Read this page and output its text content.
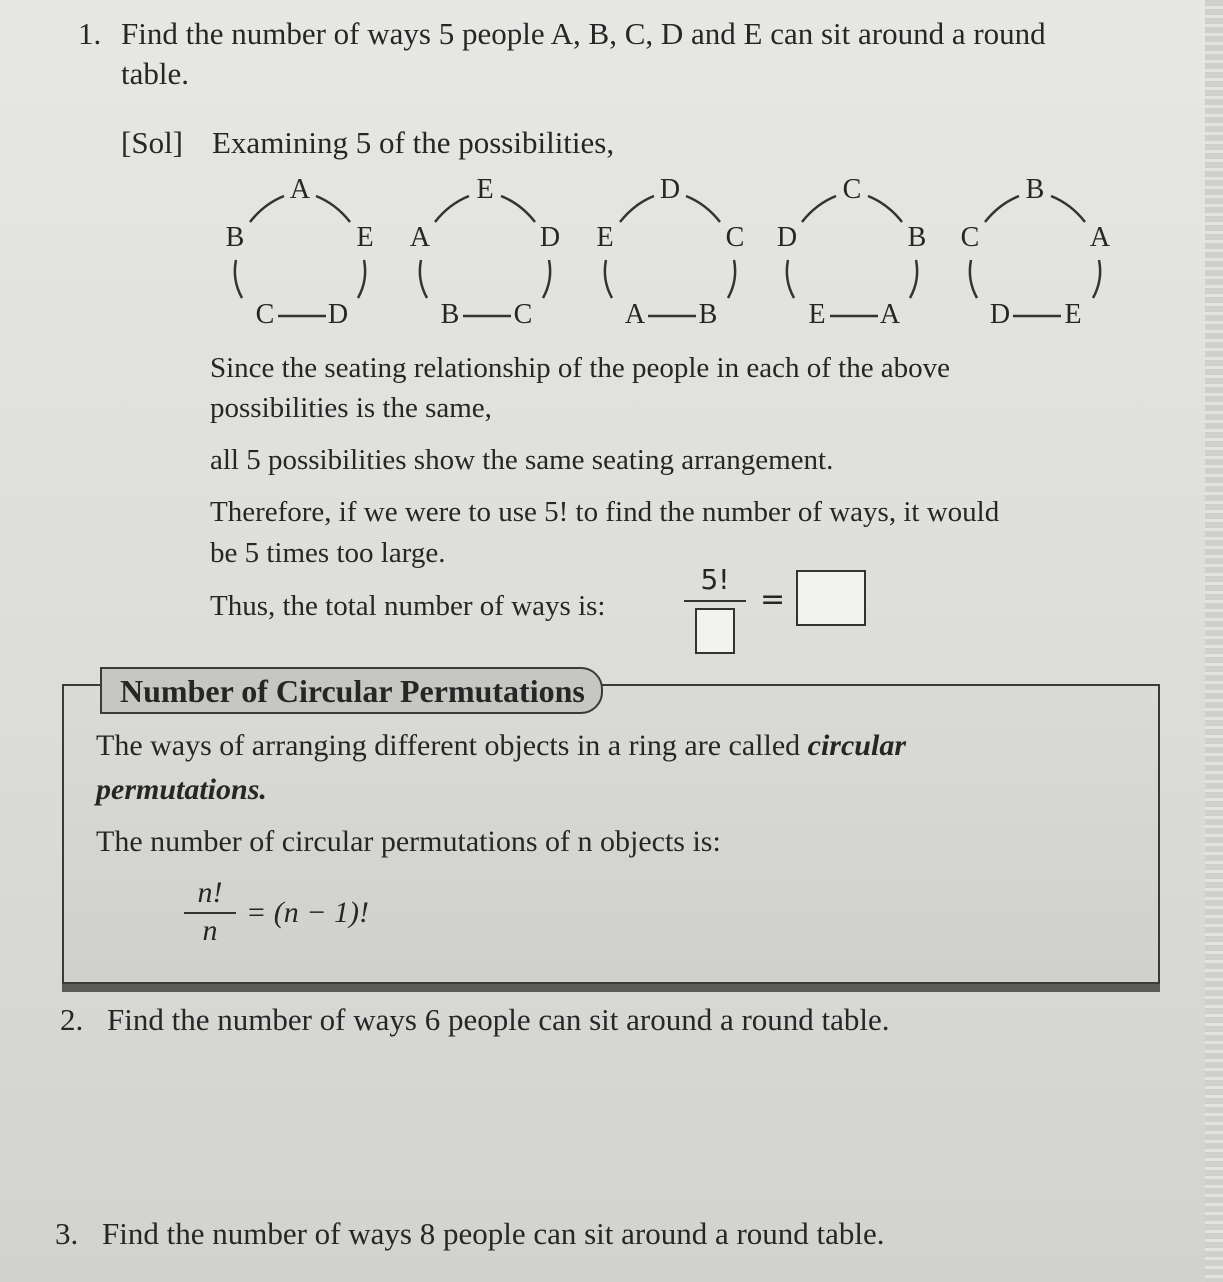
1. Find the number of ways 5 people A, B, C, D and E can sit around a round
table.
[Sol] Examining 5 of the possibilities,
A
B	E
C D
E
A	D
B C
D
E	C
A B
C
D	B
E A
B
C	A
D E
Since the seating relationship of the people in each of the above
possibilities is the same,
all 5 possibilities show the same seating arrangement.
Therefore, if we were to use 5! to find the number of ways, it would
be 5 times too large.
Thus, the total number of ways is:
5!
=
Number of Circular Permutations
The ways of arranging different objects in a ring are called circular
permutations.
The number of circular permutations of n objects is:
n!
n
= (n − 1)!
2. Find the number of ways 6 people can sit around a round table.
3. Find the number of ways 8 people can sit around a round table.
